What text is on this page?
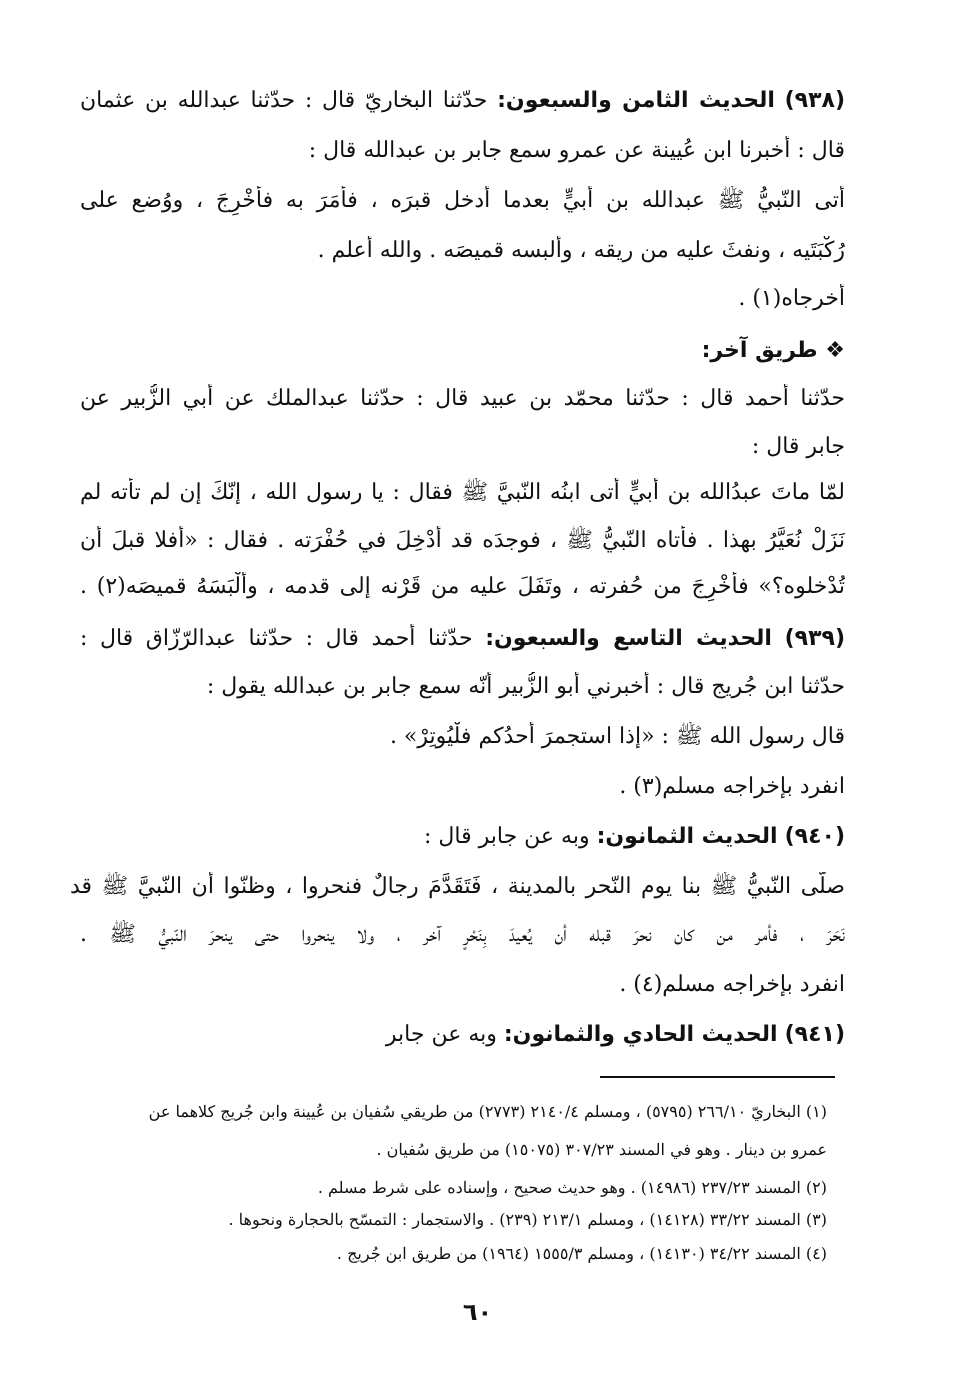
(٩٣٨) الحديث الثامن والسبعون: حدّثنا البخاريّ قال : حدّثنا عبدالله بن عثمان
قال : أخبرنا ابن عُيينة عن عمرو سمع جابر بن عبدالله قال :
أتى النّبيُّ ﷺ عبدالله بن أُبيٍّ بعدما أُدخل قبرَه ، فأَمَرَ به فأُخْرِجَ ، ووُضع على
رُكْبَتَيه ، ونفثَ عليه من ريقه ، وألبسه قميصَه . والله أعلم .
أخرجاه(١) .
❖ طريق آخر:
حدّثنا أحمد قال : حدّثنا محمّد بن عبيد قال : حدّثنا عبدالملك عن أبي الزُّبير عن
جابر قال :
لمّا ماتَ عبدُالله بن أُبيٍّ أتى ابنُه النّبيَّ ﷺ فقال : يا رسول الله ، إنّكَ إن لم تأته لم
نَزَلْ نُعَيَّرُ بهذا . فأتاه النّبيُّ ﷺ ، فوجدَه قد أُدْخِلَ في حُفْرَته . فقال : «أفلا قبلَ أن
تُدْخلوه؟» فأُخْرِجَ من حُفرته ، وتَفَلَ عليه من قَرْنه إلى قدمه ، وألْبَسَهُ قميصَه(٢) .
(٩٣٩) الحديث التاسع والسبعون: حدّثنا أحمد قال : حدّثنا عبدالرّزّاق قال :
حدّثنا ابن جُريج قال : أخبرني أبو الزُّبير أنّه سمع جابر بن عبدالله يقول :
قال رسول الله ﷺ : «إذا استجمرَ أحدُكم فلْيُوتِرْ» .
انفرد بإخراجه مسلم(٣) .
(٩٤٠) الحديث الثمانون: وبه عن جابر قال :
صلّى النّبيُّ ﷺ بنا يوم النّحر بالمدينة ، فَتَقَدَّمَ رجالٌ فنحروا ، وظنّوا أن النّبيَّ ﷺ قد
نَحَرَ ، فأمر من كان نحرَ قبله أن يُعيدَ بِنَحْرٍ آخر ، ولا ينحروا حتى ينحرَ النّبيُّ ﷺ .
انفرد بإخراجه مسلم(٤) .
(٩٤١) الحديث الحادي والثمانون: وبه عن جابر
(١) البخاريّ ٢٦٦/١٠ (٥٧٩٥) ، ومسلم ٢١٤٠/٤ (٢٧٧٣) من طريقي سُفيان بن عُيينة وابن جُريج كلاهما عن
عمرو بن دينار . وهو في المسند ٣٠٧/٢٣ (١٥٠٧٥) من طريق سُفيان .
(٢) المسند ٢٣٧/٢٣ (١٤٩٨٦) . وهو حديث صحيح ، وإسناده على شرط مسلم .
(٣) المسند ٣٣/٢٢ (١٤١٢٨) ، ومسلم ٢١٣/١ (٢٣٩) . والاستجمار : التمسّح بالحجارة ونحوها .
(٤) المسند ٣٤/٢٢ (١٤١٣٠) ، ومسلم ١٥٥٥/٣ (١٩٦٤) من طريق ابن جُريج .
٦٠
